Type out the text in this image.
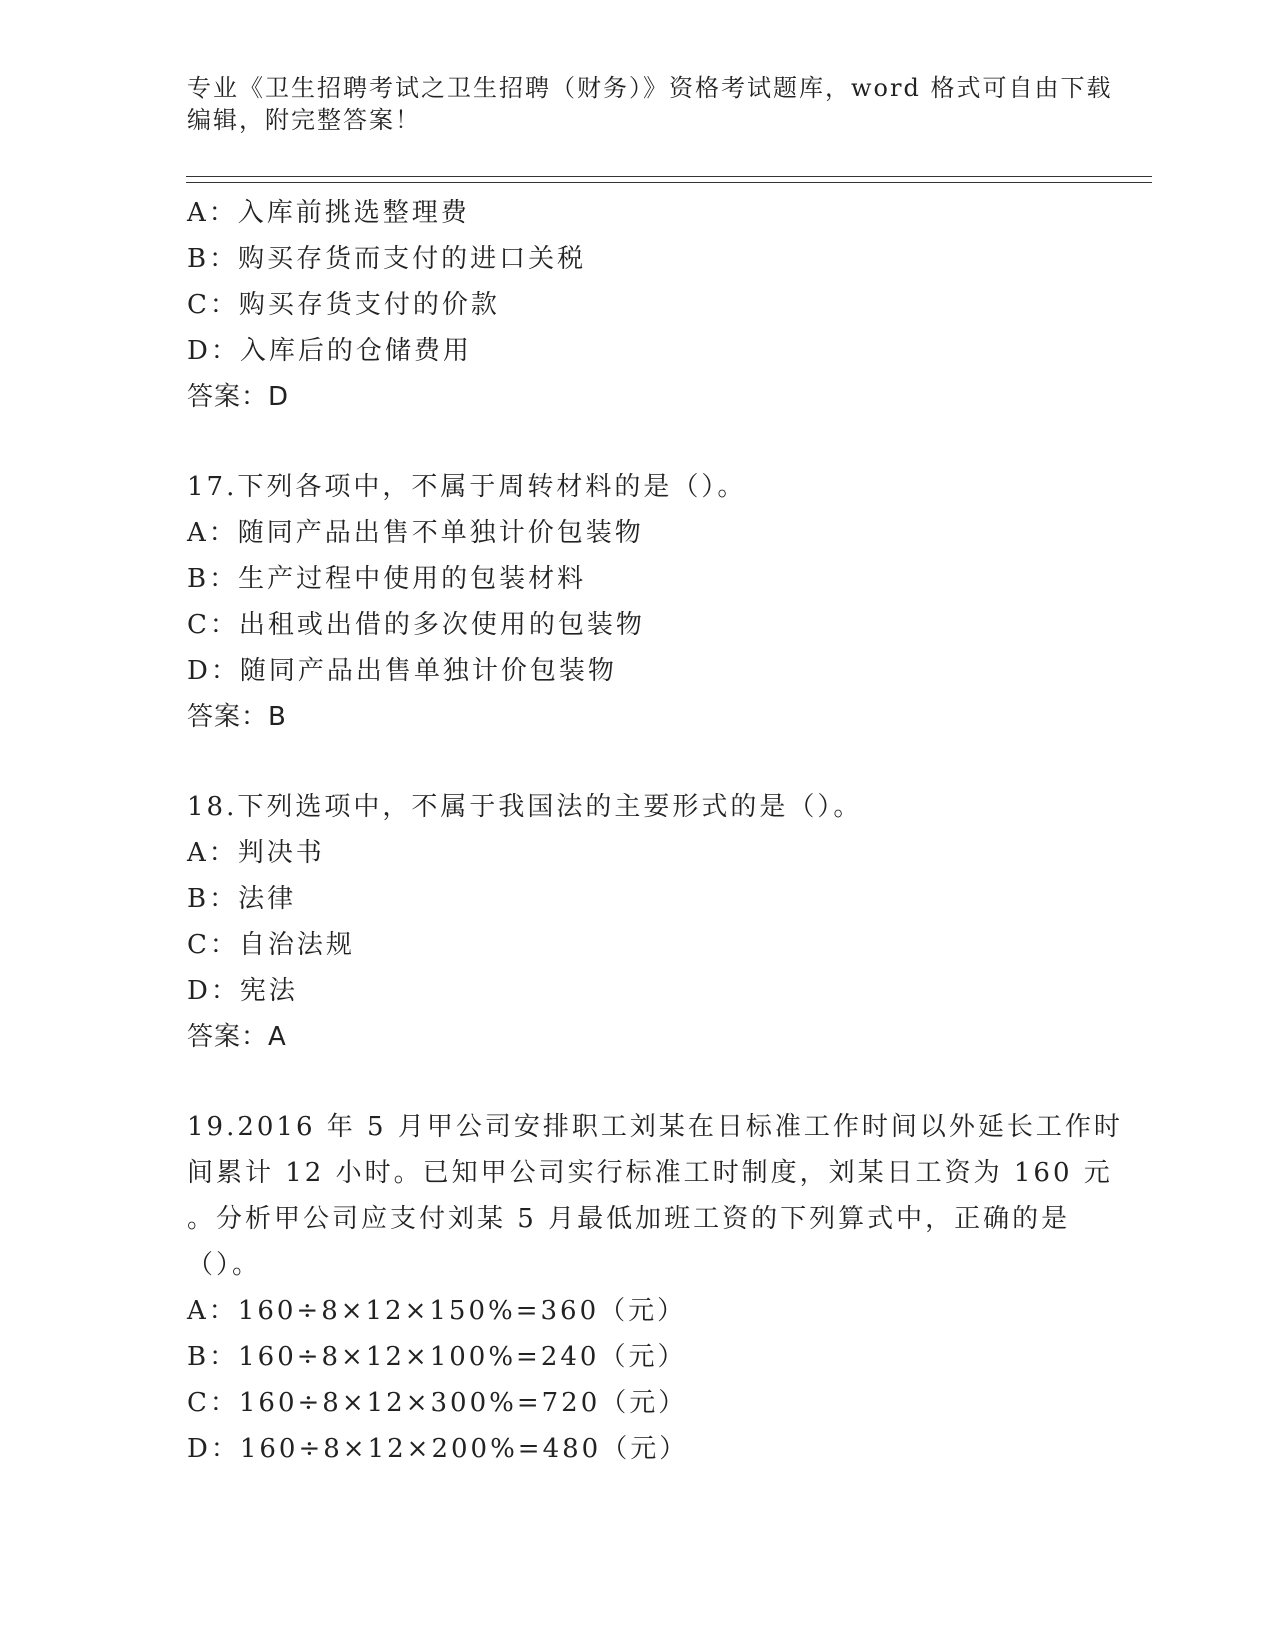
专业《卫生招聘考试之卫生招聘（财务）》资格考试题库，word 格式可自由下载
编辑，附完整答案！
A：入库前挑选整理费
B：购买存货而支付的进口关税
C：购买存货支付的价款
D：入库后的仓储费用
答案：D
17.下列各项中，不属于周转材料的是（）。
A：随同产品出售不单独计价包装物
B：生产过程中使用的包装材料
C：出租或出借的多次使用的包装物
D：随同产品出售单独计价包装物
答案：B
18.下列选项中，不属于我国法的主要形式的是（）。
A：判决书
B：法律
C：自治法规
D：宪法
答案：A
19.2016 年 5 月甲公司安排职工刘某在日标准工作时间以外延长工作时
间累计 12 小时。已知甲公司实行标准工时制度，刘某日工资为 160 元
。分析甲公司应支付刘某 5 月最低加班工资的下列算式中，正确的是
（）。
A：160÷8×12×150%=360（元）
B：160÷8×12×100%=240（元）
C：160÷8×12×300%=720（元）
D：160÷8×12×200%=480（元）
